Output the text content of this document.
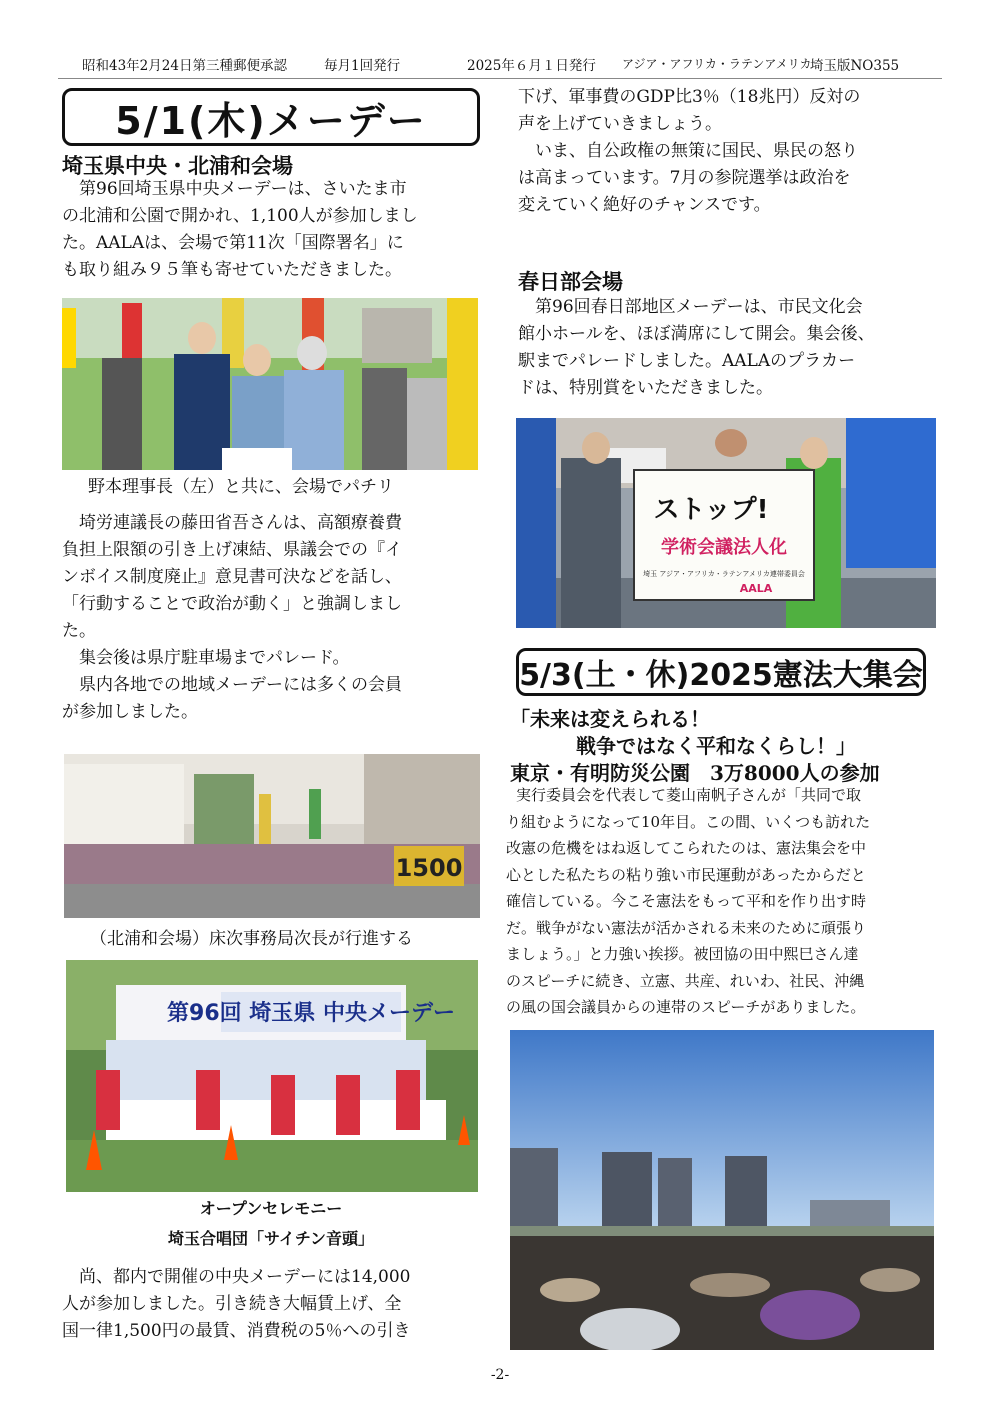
昭和43年2月24日第三種郵便承認	毎月1回発行	2025年６月１日発行 アジア・アフリカ・ラテンアメリカ
埼玉版NO355
5/1(木)メーデー
埼玉県中央・北浦和会場

第96回埼玉県中央メーデーは、さいたま市

の北浦和公園で開かれ、1,100人が参加しまし

た。AALAは、会場で第11次「国際署名」に

も取り組み９５筆も寄せていただきました。

野本理事長（左）と共に、会場でパチリ

埼労連議長の藤田省吾さんは、高額療養費

負担上限額の引き上げ凍結、県議会での『イ

ンボイス制度廃止』意見書可決などを話し、

「行動することで政治が動く」と強調しまし

た。

集会後は県庁駐車場までパレード。

県内各地での地域メーデーには多くの会員

が参加しました。

1500
（北浦和会場）床次事務局次長が行進する
第96回 埼玉県 中央メーデー
オープンセレモニー
埼玉合唱団「サイチン音頭」

尚、都内で開催の中央メーデーには14,000

人が参加しました。引き続き大幅賃上げ、全

国一律1,500円の最賃、消費税の5％への引き

下げ、軍事費のGDP比3％（18兆円）反対の

声を上げていきましょう。

いま、自公政権の無策に国民、県民の怒り

は高まっています。7月の参院選挙は政治を

変えていく絶好のチャンスです。

春日部会場

第96回春日部地区メーデーは、市民文化会

館小ホールを、ほぼ満席にして開会。集会後、

駅までパレードしました。AALAのプラカー

ドは、特別賞をいただきました。

ストップ!
学術会議法人化
埼玉 アジア・アフリカ・ラテンアメリカ連帯委員会
AALA
5/3(土・休)2025憲法大集会
「未来は変えられる！
戦争ではなく平和なくらし！」
東京・有明防災公園　3万8000人の参加
実行委員会を代表して菱山南帆子さんが「共同で取
り組むようになって10年目。この間、いくつも訪れた
改憲の危機をはね返してこられたのは、憲法集会を中
心とした私たちの粘り強い市民運動があったからだと
確信している。今こそ憲法をもって平和を作り出す時
だ。戦争がない憲法が活かされる未来のために頑張り
ましょう。」と力強い挨拶。被団協の田中熙巳さん達
のスピーチに続き、立憲、共産、れいわ、社民、沖縄
の風の国会議員からの連帯のスピーチがありました。
-2-
